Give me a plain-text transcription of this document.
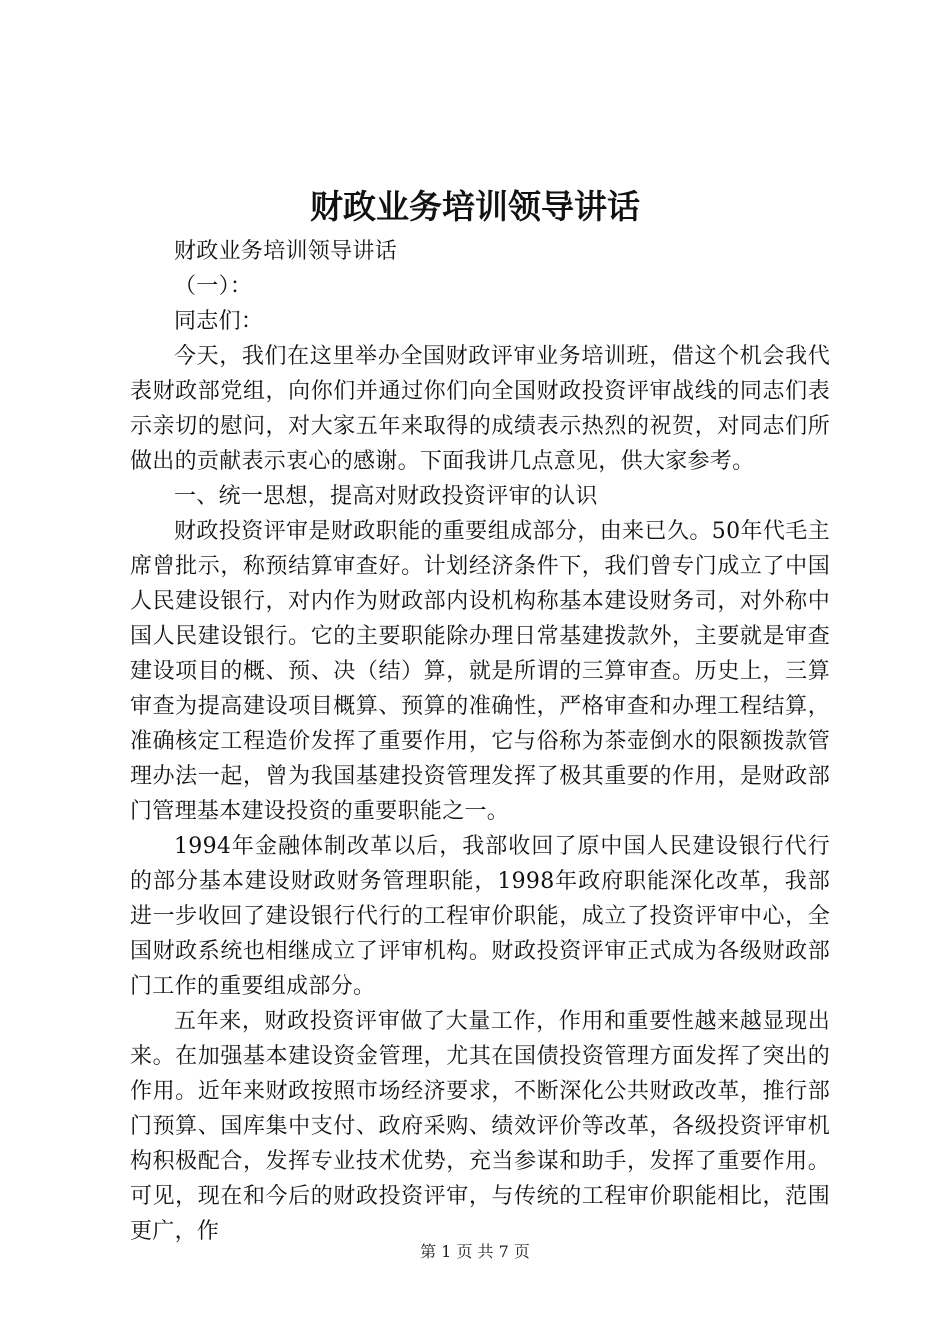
财政业务培训领导讲话

财政业务培训领导讲话

（一）：

同志们：

今天，我们在这里举办全国财政评审业务培训班，借这个机会我代表财政部党组，向你们并通过你们向全国财政投资评审战线的同志们表示亲切的慰问，对大家五年来取得的成绩表示热烈的祝贺，对同志们所做出的贡献表示衷心的感谢。下面我讲几点意见，供大家参考。

一、统一思想，提高对财政投资评审的认识

财政投资评审是财政职能的重要组成部分，由来已久。50年代毛主席曾批示，称预结算审查好。计划经济条件下，我们曾专门成立了中国人民建设银行，对内作为财政部内设机构称基本建设财务司，对外称中国人民建设银行。它的主要职能除办理日常基建拨款外，主要就是审查建设项目的概、预、决（结）算，就是所谓的三算审查。历史上，三算审查为提高建设项目概算、预算的准确性，严格审查和办理工程结算，准确核定工程造价发挥了重要作用，它与俗称为茶壶倒水的限额拨款管理办法一起，曾为我国基建投资管理发挥了极其重要的作用，是财政部门管理基本建设投资的重要职能之一。

1994年金融体制改革以后，我部收回了原中国人民建设银行代行的部分基本建设财政财务管理职能，1998年政府职能深化改革，我部进一步收回了建设银行代行的工程审价职能，成立了投资评审中心，全国财政系统也相继成立了评审机构。财政投资评审正式成为各级财政部门工作的重要组成部分。

五年来，财政投资评审做了大量工作，作用和重要性越来越显现出来。在加强基本建设资金管理，尤其在国债投资管理方面发挥了突出的作用。近年来财政按照市场经济要求，不断深化公共财政改革，推行部门预算、国库集中支付、政府采购、绩效评价等改革，各级投资评审机构积极配合，发挥专业技术优势，充当参谋和助手，发挥了重要作用。可见，现在和今后的财政投资评审，与传统的工程审价职能相比，范围更广，作

第 1 页 共 7 页
